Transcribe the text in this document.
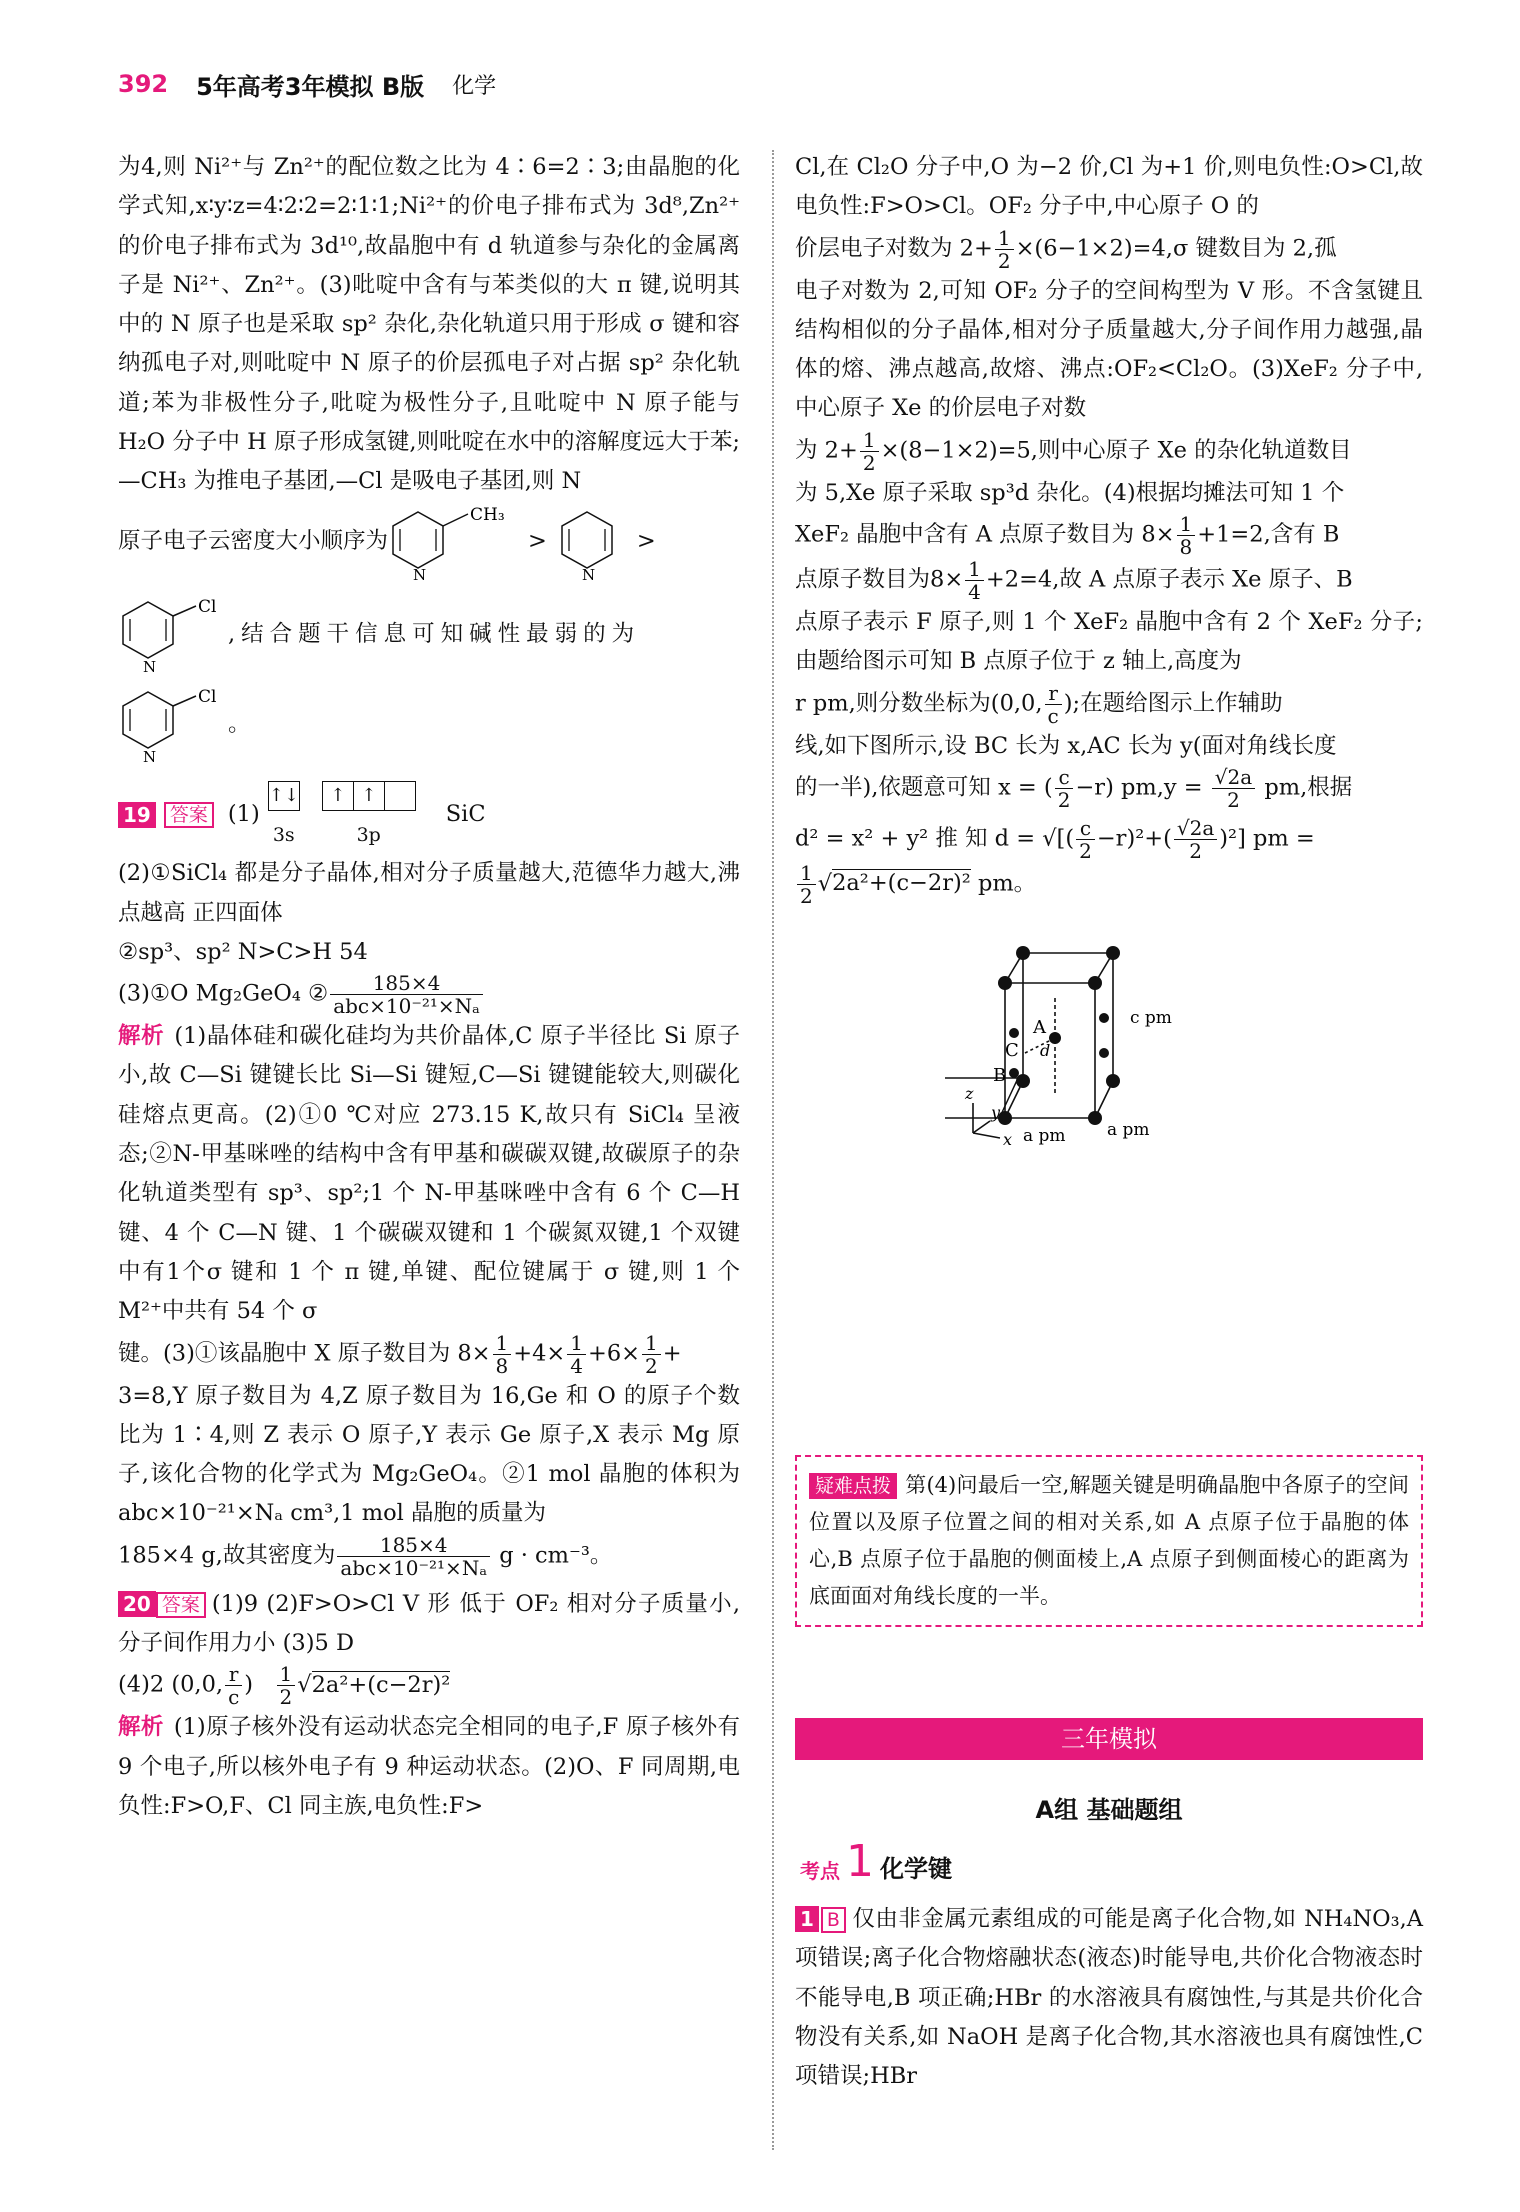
392 5年高考3年模拟 B版 化学

为4,则 Ni²⁺与 Zn²⁺的配位数之比为 4∶6=2∶3;由晶胞的化学式知,x∶y∶z=4∶2∶2=2∶1∶1;Ni²⁺的价电子排布式为 3d⁸,Zn²⁺的价电子排布式为 3d¹⁰,故晶胞中有 d 轨道参与杂化的金属离子是 Ni²⁺、Zn²⁺。(3)吡啶中含有与苯类似的大 π 键,说明其中的 N 原子也是采取 sp² 杂化,杂化轨道只用于形成 σ 键和容纳孤电子对,则吡啶中 N 原子的价层孤电子对占据 sp² 杂化轨道;苯为非极性分子,吡啶为极性分子,且吡啶中 N 原子能与 H₂O 分子中 H 原子形成氢键,则吡啶在水中的溶解度远大于苯;—CH₃ 为推电子基团,—Cl 是吸电子基团,则 N

原子电子云密度大小顺序为
CH₃
N
>
N
>
Cl
N
,结合题干信息可知碱性最弱的为
Cl
N
。
19	答案 (1)
↑↓

3s
↑ ↑

3p
SiC

(2)①SiCl₄ 都是分子晶体,相对分子质量越大,范德华力越大,沸点越高 正四面体

②sp³、sp² N>C>H 54

(3)①O Mg₂GeO₄ ② $\frac{185\times 4}{\text{abc×10⁻²¹×Nₐ}}$

解析 (1)晶体硅和碳化硅均为共价晶体,C 原子半径比 Si 原子小,故 C—Si 键键长比 Si—Si 键短,C—Si 键键能较大,则碳化硅熔点更高。(2)①0 ℃对应 273.15 K,故只有 SiCl₄ 呈液态;②N-甲基咪唑的结构中含有甲基和碳碳双键,故碳原子的杂化轨道类型有 sp³、sp²;1 个 N-甲基咪唑中含有 6 个 C—H 键、4 个 C—N 键、1 个碳碳双键和 1 个碳氮双键,1 个双键中有1个σ 键和 1 个 π 键,单键、配位键属于 σ 键,则 1 个 M²⁺中共有 54 个 σ

键。(3)①该晶胞中 X 原子数目为 $8\times \frac{1}{8} +4\times \frac{1}{4} +6\times \frac{1}{2}$ +

3=8,Y 原子数目为 4,Z 原子数目为 16,Ge 和 O 的原子个数比为 1∶4,则 Z 表示 O 原子,Y 表示 Ge 原子,X 表示 Mg 原子,该化合物的化学式为 Mg₂GeO₄。②1 mol 晶胞的体积为 abc×10⁻²¹×Nₐ cm³,1 mol 晶胞的质量为

185×4 g,故其密度为 $\frac{185\times 4}{\text{abc×10⁻²¹×Nₐ}}$ g · cm⁻³。

20 答案 (1)9 (2)F>O>Cl V 形 低于 OF₂ 相对分子质量小,分子间作用力小 (3)5 D

(4)2 (0,0, $\frac{r}{c}$ ) $\frac{1}{2} √2a^2+(c-2r)^2$

解析 (1)原子核外没有运动状态完全相同的电子,F 原子核外有 9 个电子,所以核外电子有 9 种运动状态。(2)O、F 同周期,电负性:F>O,F、Cl 同主族,电负性:F>

Cl,在 Cl₂O 分子中,O 为−2 价,Cl 为+1 价,则电负性:O>Cl,故电负性:F>O>Cl。OF₂ 分子中,中心原子 O 的

价层电子对数为 $2+ \frac{1}{2} \times(6-1\times 2)=4,\sigma$ 键数目为 2,孤

电子对数为 2,可知 OF₂ 分子的空间构型为 V 形。不含氢键且结构相似的分子晶体,相对分子质量越大,分子间作用力越强,晶体的熔、沸点越高,故熔、沸点:OF₂<Cl₂O。(3)XeF₂ 分子中,中心原子 Xe 的价层电子对数

为 $2+ \frac{1}{2} \times(8-1\times 2)=5$,则中心原子 Xe 的杂化轨道数目

为 5,Xe 原子采取 sp³d 杂化。(4)根据均摊法可知 1 个

XeF₂ 晶胞中含有 A 点原子数目为 $8\times \frac{1}{8} +1=2$,含有 B

点原子数目为$8\times \frac{1}{4} +2=4$,故 A 点原子表示 Xe 原子、B

点原子表示 F 原子,则 1 个 XeF₂ 晶胞中含有 2 个 XeF₂ 分子;由题给图示可知 B 点原子位于 z 轴上,高度为

r pm,则分数坐标为(0,0, $\frac{r}{c}$ );在题给图示上作辅助

线,如下图所示,设 BC 长为 x,AC 长为 y(面对角线长度

的一半),依题意可知 x = ( $\frac{c}{2} -r$) $pm,y = \frac{√2a}{2}$ pm,根据

d² = x² + y² 推 知 d = √[( $\frac{c}{2} -r)^2+( \frac{√2a}{2} )^2$] pm =

$\frac{1}{2} √2a^2+(c-2r)^2$ pm。

A
B
C d
c pm
a pm
a pm
z
y
x
疑难点拨 第(4)问最后一空,解题关键是明确晶胞中各原子的空间位置以及原子位置之间的相对关系,如 A 点原子位于晶胞的体心,B 点原子位于晶胞的侧面棱上,A 点原子到侧面棱心的距离为底面面对角线长度的一半。
三年模拟
A组 基础题组
考点 1 化学键
1 B 仅由非金属元素组成的可能是离子化合物,如 NH₄NO₃,A 项错误;离子化合物熔融状态(液态)时能导电,共价化合物液态时不能导电,B 项正确;HBr 的水溶液具有腐蚀性,与其是共价化合物没有关系,如 NaOH 是离子化合物,其水溶液也具有腐蚀性,C 项错误;HBr
